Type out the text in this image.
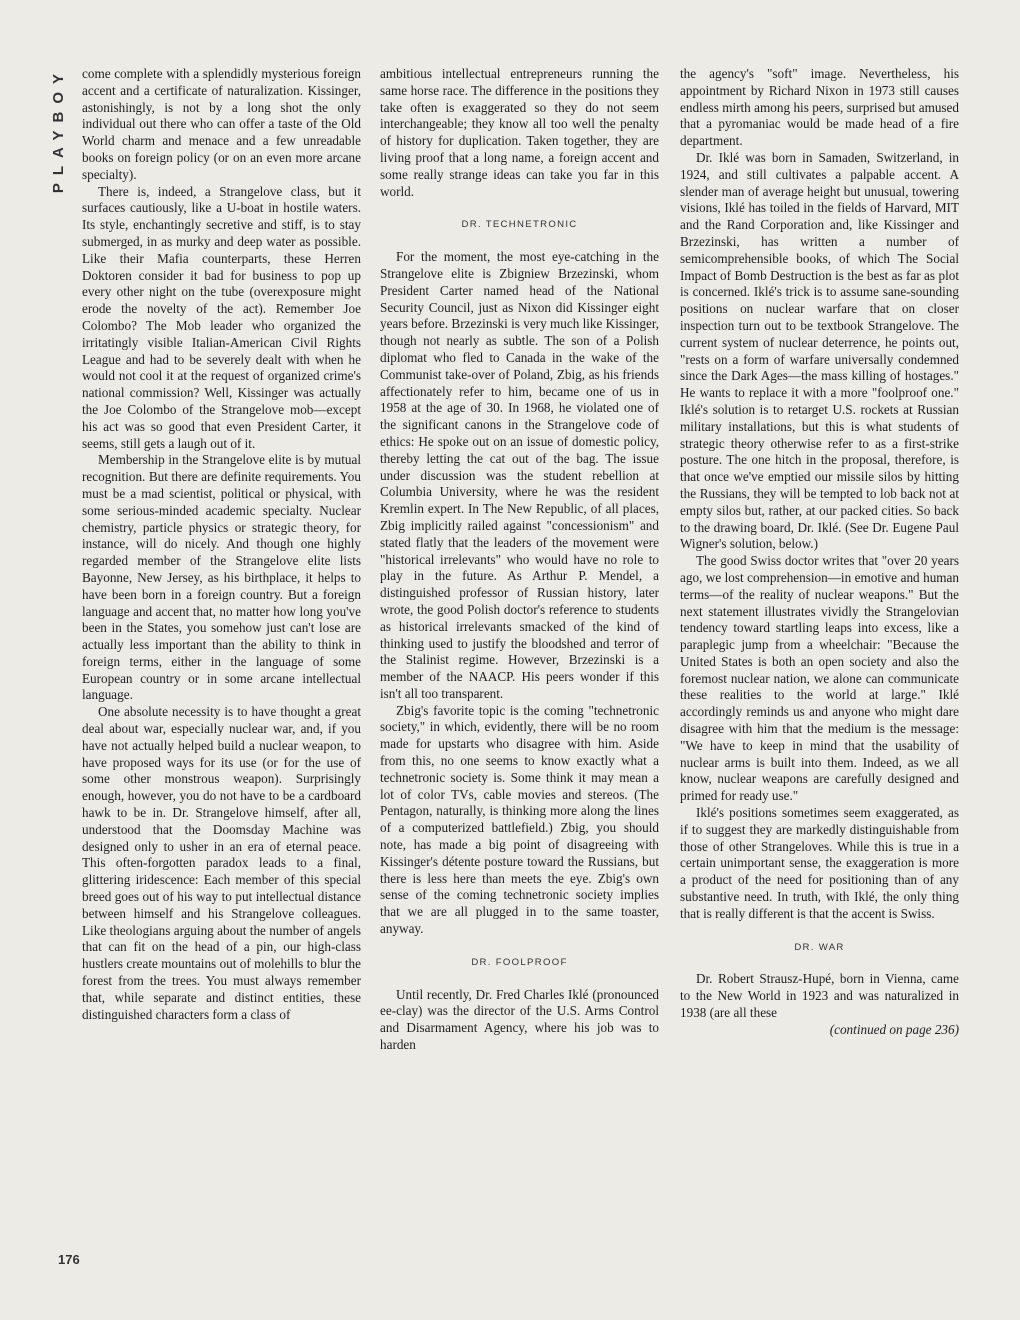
PLAYBOY
176

come complete with a splendidly mysterious foreign accent and a certificate of naturalization. Kissinger, astonishingly, is not by a long shot the only individual out there who can offer a taste of the Old World charm and menace and a few unreadable books on foreign policy (or on an even more arcane specialty).

There is, indeed, a Strangelove class, but it surfaces cautiously, like a U-boat in hostile waters. Its style, enchantingly secretive and stiff, is to stay submerged, in as murky and deep water as possible. Like their Mafia counterparts, these Herren Doktoren consider it bad for business to pop up every other night on the tube (overexposure might erode the novelty of the act). Remember Joe Colombo? The Mob leader who organized the irritatingly visible Italian-American Civil Rights League and had to be severely dealt with when he would not cool it at the request of organized crime's national commission? Well, Kissinger was actually the Joe Colombo of the Strangelove mob—except his act was so good that even President Carter, it seems, still gets a laugh out of it.

Membership in the Strangelove elite is by mutual recognition. But there are definite requirements. You must be a mad scientist, political or physical, with some serious-minded academic specialty. Nuclear chemistry, particle physics or strategic theory, for instance, will do nicely. And though one highly regarded member of the Strangelove elite lists Bayonne, New Jersey, as his birthplace, it helps to have been born in a foreign country. But a foreign language and accent that, no matter how long you've been in the States, you somehow just can't lose are actually less important than the ability to think in foreign terms, either in the language of some European country or in some arcane intellectual language.

One absolute necessity is to have thought a great deal about war, especially nuclear war, and, if you have not actually helped build a nuclear weapon, to have proposed ways for its use (or for the use of some other monstrous weapon). Surprisingly enough, however, you do not have to be a cardboard hawk to be in. Dr. Strangelove himself, after all, understood that the Doomsday Machine was designed only to usher in an era of eternal peace. This often-forgotten paradox leads to a final, glittering iridescence: Each member of this special breed goes out of his way to put intellectual distance between himself and his Strangelove colleagues. Like theologians arguing about the number of angels that can fit on the head of a pin, our high-class hustlers create mountains out of molehills to blur the forest from the trees. You must always remember that, while separate and distinct entities, these distinguished characters form a class of

ambitious intellectual entrepreneurs running the same horse race. The difference in the positions they take often is exaggerated so they do not seem interchangeable; they know all too well the penalty of history for duplication. Taken together, they are living proof that a long name, a foreign accent and some really strange ideas can take you far in this world.

DR. TECHNETRONIC

For the moment, the most eye-catching in the Strangelove elite is Zbigniew Brzezinski, whom President Carter named head of the National Security Council, just as Nixon did Kissinger eight years before. Brzezinski is very much like Kissinger, though not nearly as subtle. The son of a Polish diplomat who fled to Canada in the wake of the Communist take-over of Poland, Zbig, as his friends affectionately refer to him, became one of us in 1958 at the age of 30. In 1968, he violated one of the significant canons in the Strangelove code of ethics: He spoke out on an issue of domestic policy, thereby letting the cat out of the bag. The issue under discussion was the student rebellion at Columbia University, where he was the resident Kremlin expert. In The New Republic, of all places, Zbig implicitly railed against "concessionism" and stated flatly that the leaders of the movement were "historical irrelevants" who would have no role to play in the future. As Arthur P. Mendel, a distinguished professor of Russian history, later wrote, the good Polish doctor's reference to students as historical irrelevants smacked of the kind of thinking used to justify the bloodshed and terror of the Stalinist regime. However, Brzezinski is a member of the NAACP. His peers wonder if this isn't all too transparent.

Zbig's favorite topic is the coming "technetronic society," in which, evidently, there will be no room made for upstarts who disagree with him. Aside from this, no one seems to know exactly what a technetronic society is. Some think it may mean a lot of color TVs, cable movies and stereos. (The Pentagon, naturally, is thinking more along the lines of a computerized battlefield.) Zbig, you should note, has made a big point of disagreeing with Kissinger's détente posture toward the Russians, but there is less here than meets the eye. Zbig's own sense of the coming technetronic society implies that we are all plugged in to the same toaster, anyway.

DR. FOOLPROOF

Until recently, Dr. Fred Charles Iklé (pronounced ee-clay) was the director of the U.S. Arms Control and Disarmament Agency, where his job was to harden

the agency's "soft" image. Nevertheless, his appointment by Richard Nixon in 1973 still causes endless mirth among his peers, surprised but amused that a pyromaniac would be made head of a fire department.

Dr. Iklé was born in Samaden, Switzerland, in 1924, and still cultivates a palpable accent. A slender man of average height but unusual, towering visions, Iklé has toiled in the fields of Harvard, MIT and the Rand Corporation and, like Kissinger and Brzezinski, has written a number of semicomprehensible books, of which The Social Impact of Bomb Destruction is the best as far as plot is concerned. Iklé's trick is to assume sane-sounding positions on nuclear warfare that on closer inspection turn out to be textbook Strangelove. The current system of nuclear deterrence, he points out, "rests on a form of warfare universally condemned since the Dark Ages—the mass killing of hostages." He wants to replace it with a more "foolproof one." Iklé's solution is to retarget U.S. rockets at Russian military installations, but this is what students of strategic theory otherwise refer to as a first-strike posture. The one hitch in the proposal, therefore, is that once we've emptied our missile silos by hitting the Russians, they will be tempted to lob back not at empty silos but, rather, at our packed cities. So back to the drawing board, Dr. Iklé. (See Dr. Eugene Paul Wigner's solution, below.)

The good Swiss doctor writes that "over 20 years ago, we lost comprehension—in emotive and human terms—of the reality of nuclear weapons." But the next statement illustrates vividly the Strangelovian tendency toward startling leaps into excess, like a paraplegic jump from a wheelchair: "Because the United States is both an open society and also the foremost nuclear nation, we alone can communicate these realities to the world at large." Iklé accordingly reminds us and anyone who might dare disagree with him that the medium is the message: "We have to keep in mind that the usability of nuclear arms is built into them. Indeed, as we all know, nuclear weapons are carefully designed and primed for ready use."

Iklé's positions sometimes seem exaggerated, as if to suggest they are markedly distinguishable from those of other Strangeloves. While this is true in a certain unimportant sense, the exaggeration is more a product of the need for positioning than of any substantive need. In truth, with Iklé, the only thing that is really different is that the accent is Swiss.

DR. WAR

Dr. Robert Strausz-Hupé, born in Vienna, came to the New World in 1923 and was naturalized in 1938 (are all these

(continued on page 236)
